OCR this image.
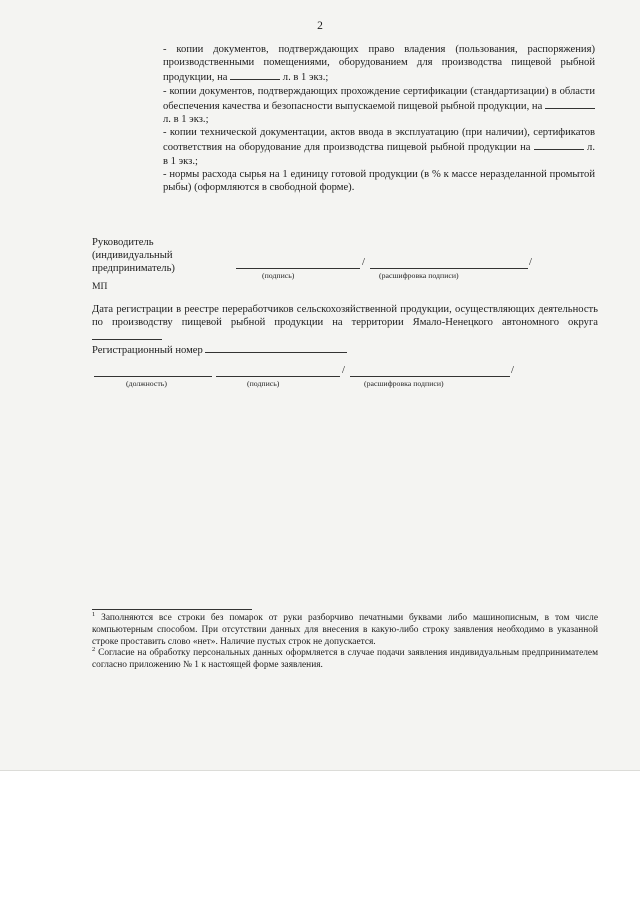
2

- копии документов, подтверждающих право владения (пользования, распоряжения) производственными помещениями, оборудованием для производства пищевой рыбной продукции, на	л. в 1 экз.;

- копии документов, подтверждающих прохождение сертификации (стандартизации) в области обеспечения качества и безопасности выпускаемой пищевой рыбной продукции, на  л. в 1 экз.;

- копии технической документации, актов ввода в эксплуатацию (при наличии), сертификатов соответствия на оборудование для производства пищевой рыбной продукции на	л. в 1 экз.;

- нормы расхода сырья на 1 единицу готовой продукции (в % к массе неразделанной промытой рыбы) (оформляются в свободной форме).

Руководитель
(индивидуальный
предприниматель)
/	/
(подпись)	(расшифровка подписи)
МП
Дата регистрации в реестре переработчиков сельскохозяйственной продукции, осуществляющих деятельность по производству пищевой рыбной продукции на территории Ямало-Ненецкого автономного округа
Регистрационный номер
/	/
(должность)	(подпись)	(расшифровка подписи)

$^1$ Заполняются все строки без помарок от руки разборчиво печатными буквами либо машинописным, в том числе компьютерным способом. При отсутствии данных для внесения в какую-либо строку заявления необходимо в указанной строке проставить слово «нет». Наличие пустых строк не допускается.

$^2$ Согласие на обработку персональных данных оформляется в случае подачи заявления индивидуальным предпринимателем согласно приложению № 1 к настоящей форме заявления.
